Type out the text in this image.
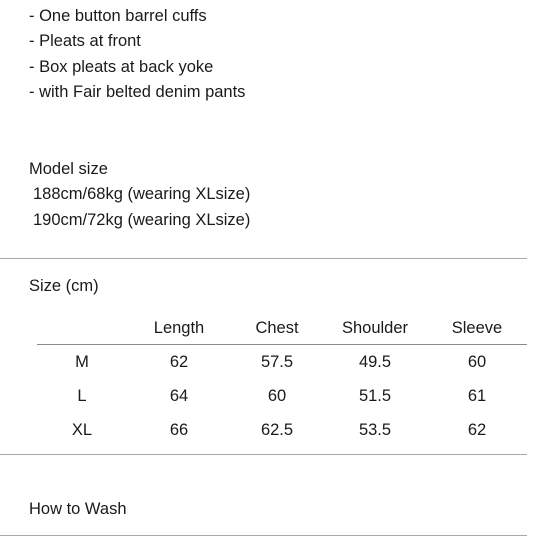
- One button barrel cuffs
- Pleats at front
- Box pleats at back yoke
- with Fair belted denim pants
Model size
188cm/68kg (wearing XLsize)
190cm/72kg (wearing XLsize)
Size (cm)
	Length	Chest	Shoulder	Sleeve
M	62	57.5	49.5	60
L	64	60	51.5	61
XL	66	62.5	53.5	62
How to Wash
